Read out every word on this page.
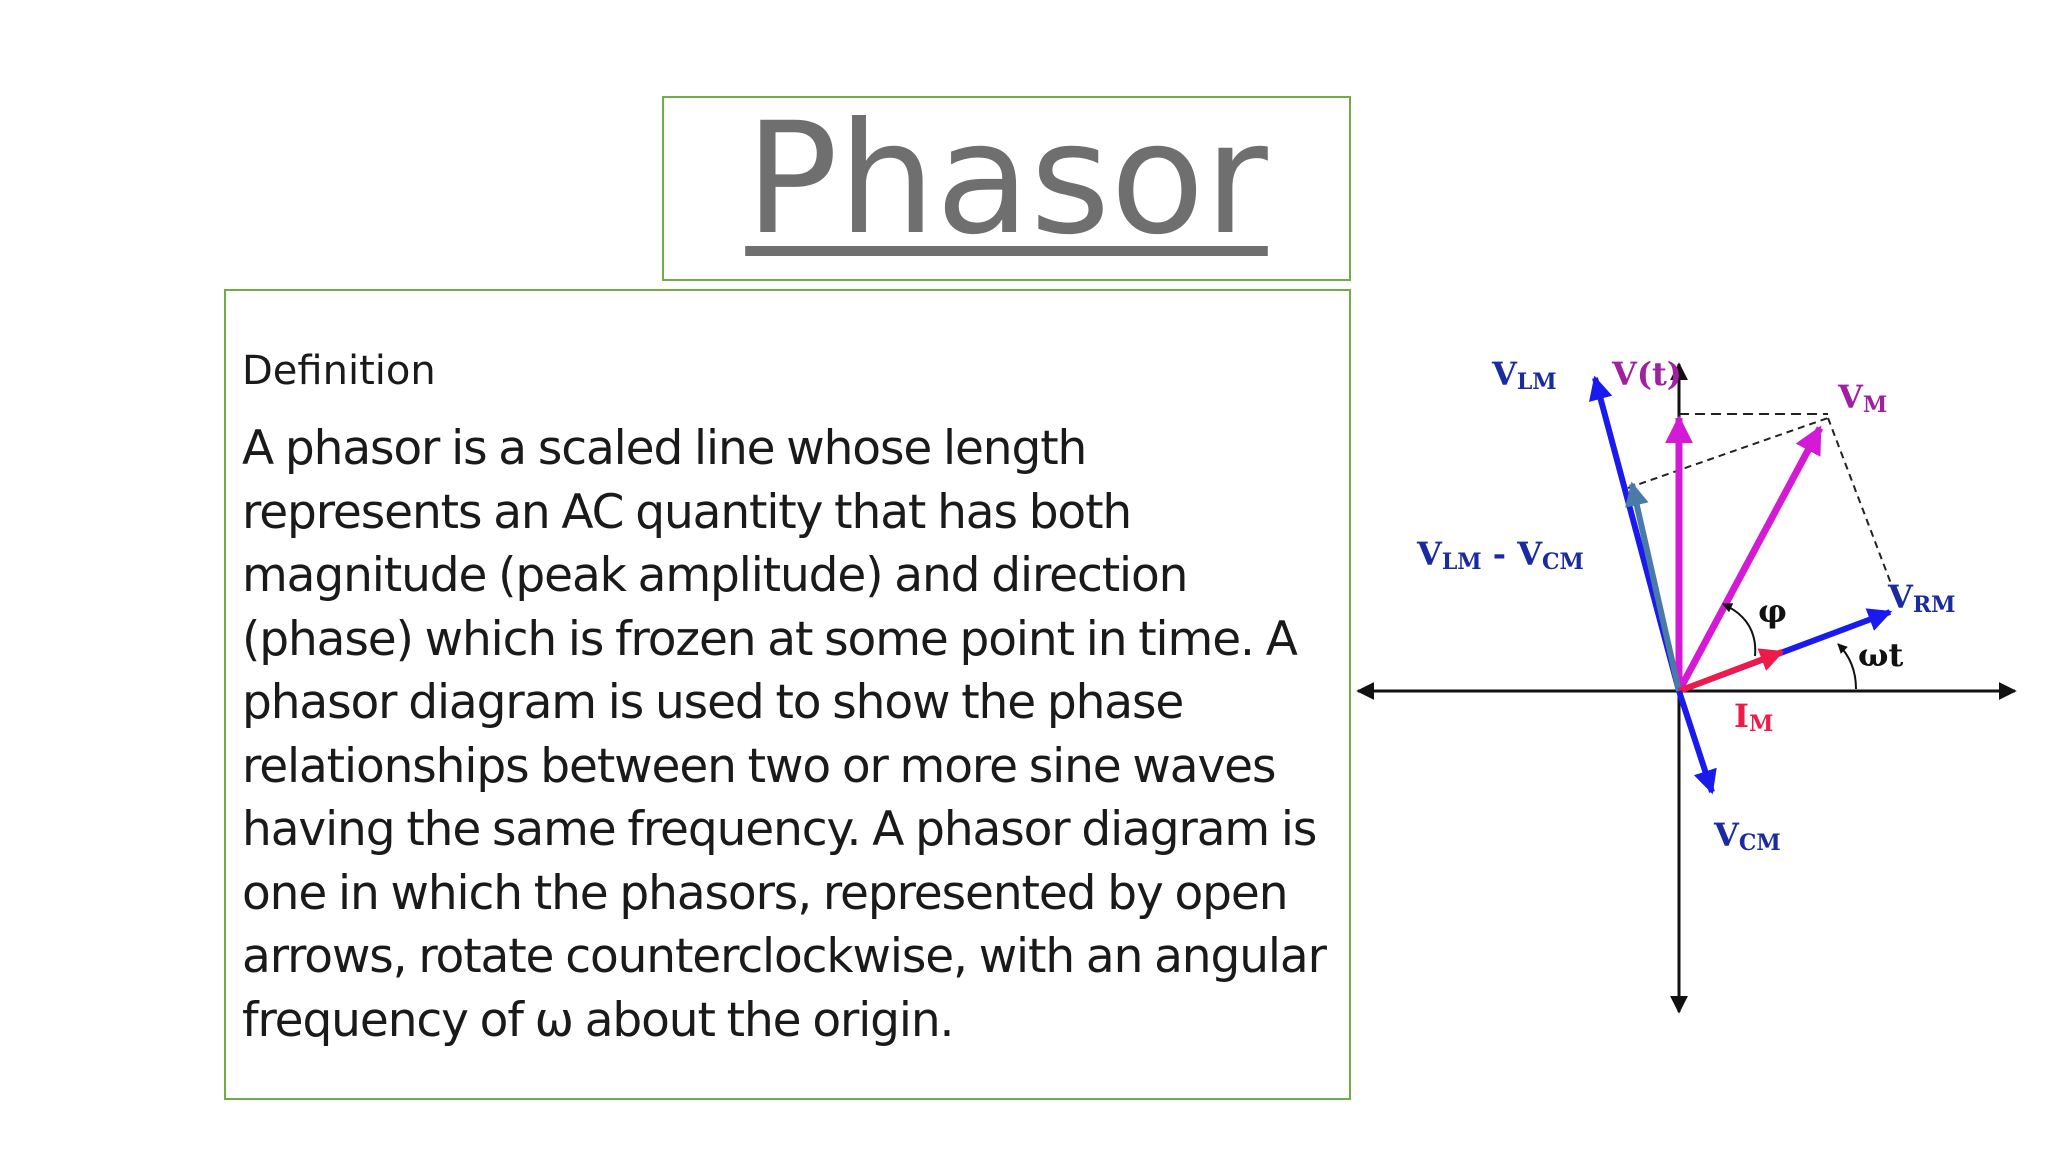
Phasor

Definition

A phasor is a scaled line whose length represents an AC quantity that has both magnitude (peak amplitude) and direction (phase) which is frozen at some point in time. A phasor diagram is used to show the phase relationships between two or more sine waves having the same frequency. A phasor diagram is one in which the phasors, represented by open arrows, rotate counterclockwise, with an angular frequency of ω about the origin.

VLM V(t)
VM
VLM - VCM
VRM
φ
ωt
IM
VCM
